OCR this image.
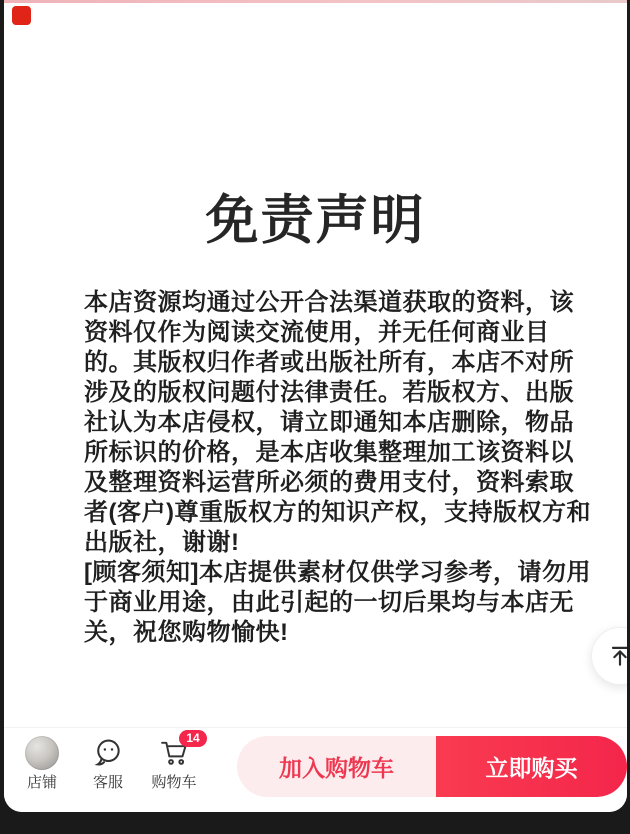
免责声明
本店资源均通过公开合法渠道获取的资料，该
资料仅作为阅读交流使用，并无任何商业目
的。其版权归作者或出版社所有，本店不对所
涉及的版权问题付法律责任。若版权方、出版
社认为本店侵权，请立即通知本店删除，物品
所标识的价格，是本店收集整理加工该资料以
及整理资料运营所必须的费用支付，资料索取
者(客户)尊重版权方的知识产权，支持版权方和
出版社，谢谢!
[顾客须知]本店提供素材仅供学习参考，请勿用
于商业用途，由此引起的一切后果均与本店无
关，祝您购物愉快!
店铺 客服
14
购物车
加入购物车	立即购买
